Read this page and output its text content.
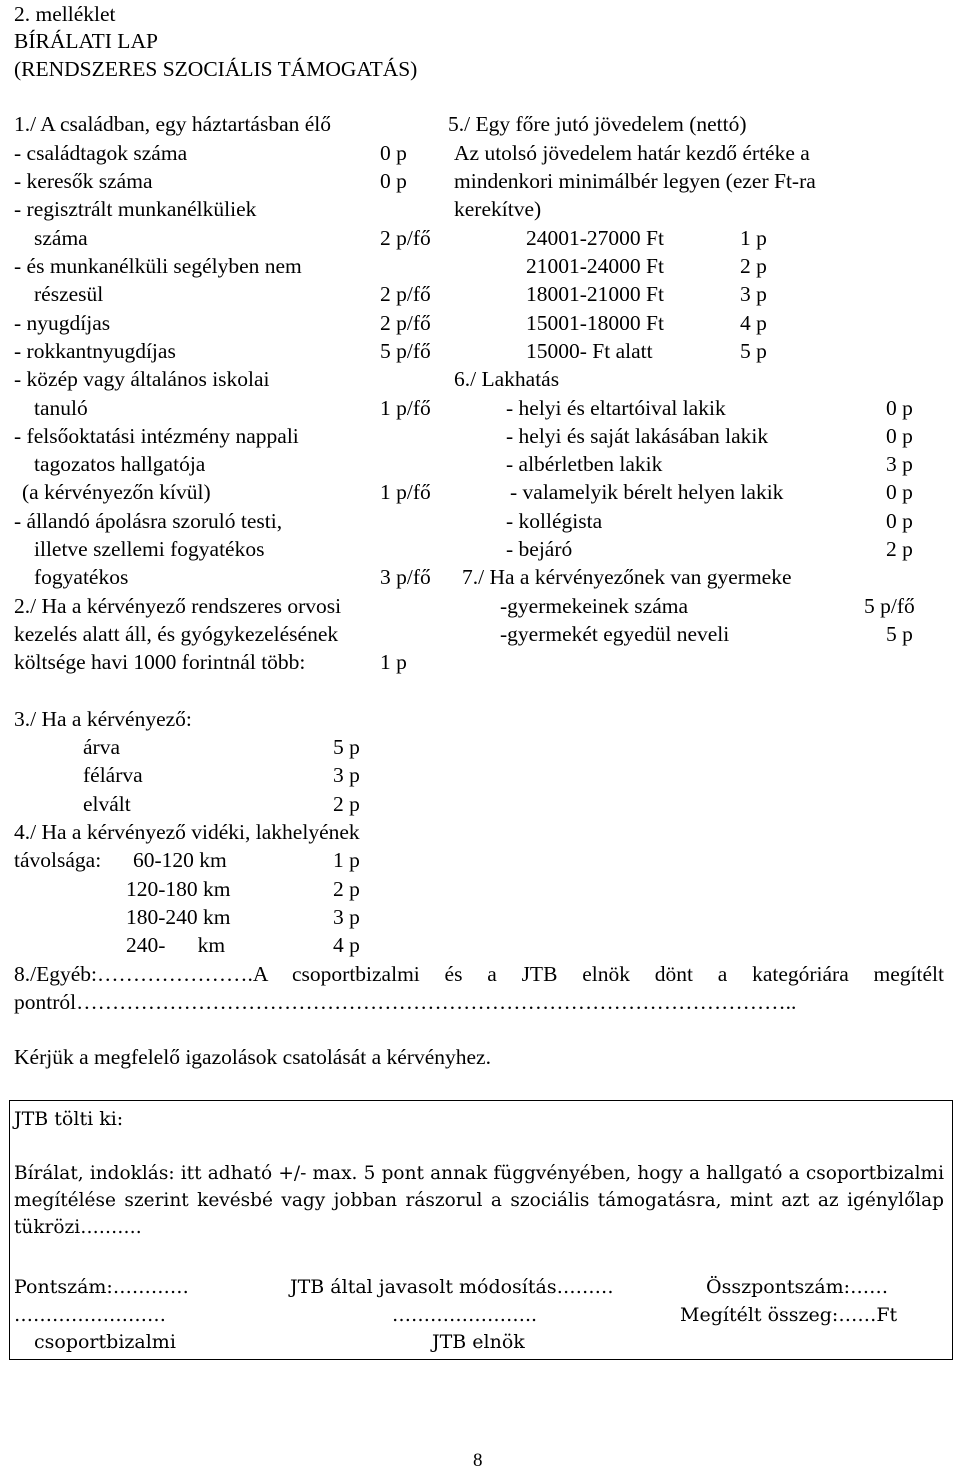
2. melléklet
BÍRÁLATI LAP
(RENDSZERES SZOCIÁLIS TÁMOGATÁS)
1./ A családban, egy háztartásban élő
- családtagok száma	0 p
- keresők száma	0 p
- regisztrált munkanélküliek
száma	2 p/fő
- és munkanélküli segélyben nem
részesül	2 p/fő
- nyugdíjas	2 p/fő
- rokkantnyugdíjas	5 p/fő
- közép vagy általános iskolai
tanuló	1 p/fő
- felsőoktatási intézmény nappali
tagozatos hallgatója
(a kérvényezőn kívül)	1 p/fő
- állandó ápolásra szoruló testi,
illetve szellemi fogyatékos
fogyatékos	3 p/fő
2./ Ha a kérvényező rendszeres orvosi
kezelés alatt áll, és gyógykezelésének
költsége havi 1000 forintnál több:	1 p
5./ Egy főre jutó jövedelem (nettó)
Az utolsó jövedelem határ kezdő értéke a
mindenkori minimálbér legyen (ezer Ft-ra
kerekítve)
24001-27000 Ft	1 p
21001-24000 Ft	2 p
18001-21000 Ft	3 p
15001-18000 Ft	4 p
15000- Ft alatt	5 p
6./ Lakhatás
- helyi és eltartóival lakik	0 p
- helyi és saját lakásában lakik	0 p
- albérletben lakik	3 p
- valamelyik bérelt helyen lakik	0 p
- kollégista	0 p
- bejáró	2 p
7./ Ha a kérvényezőnek van gyermeke
-gyermekeinek száma	5 p/fő
-gyermekét egyedül neveli	5 p
3./ Ha a kérvényező:
árva	5 p
félárva	3 p
elvált	2 p
4./ Ha a kérvényező vidéki, lakhelyének
távolsága: 60-120 km	1 p
120-180 km	2 p
180-240 km	3 p
240-      km	4 p
8./Egyéb:………………….A csoportbizalmi és a JTB elnök dönt a kategóriára megítélt pontról………………………………………………………………………………………..
Kérjük a megfelelő igazolások csatolását a kérvényhez.
JTB tölti ki:
Bírálat, indoklás: itt adható +/- max. 5 pont annak függvényében, hogy a hallgató a csoportbizalmi megítélése szerint kevésbé vagy jobban rászorul a szociális támogatásra, mint azt az igénylőlap tükrözi……….
Pontszám:…………	JTB által javasolt módosítás………	Összpontszám:……
……………………	…………………..	Megítélt összeg:……Ft
csoportbizalmi	JTB elnök
8
